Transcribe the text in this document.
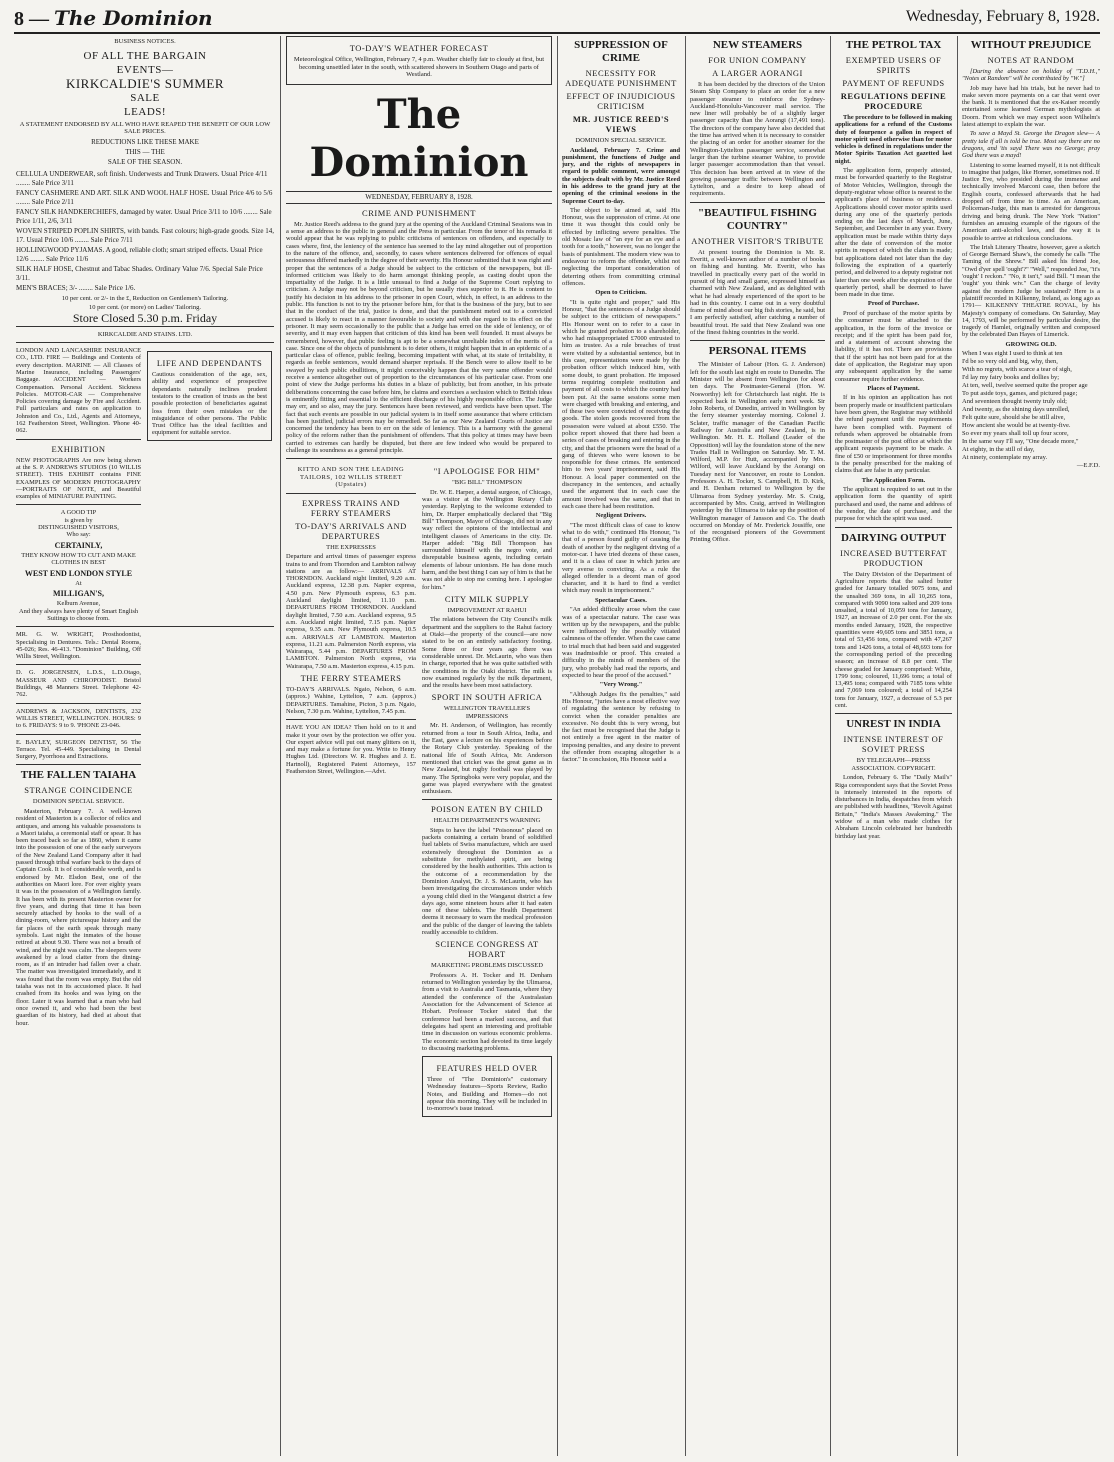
8 — The Dominion	Wednesday, February 8, 1928.
BUSINESS NOTICES.
OF ALL THE BARGAIN
EVENTS—
KIRKCALDIE'S SUMMER
SALE
LEADS!
A STATEMENT ENDORSED BY ALL WHO HAVE REAPED THE BENEFIT OF OUR LOW SALE PRICES.
REDUCTIONS LIKE THESE MAKE
THIS — THE
SALE OF THE SEASON.
CELLULA UNDERWEAR, soft finish. Underwests and Trunk Drawers. Usual Price 4/11 ........ Sale Price 3/11
FANCY CASHMERE AND ART. SILK AND WOOL HALF HOSE. Usual Price 4/6 to 5/6 ........ Sale Price 2/11
FANCY SILK HANDKERCHIEFS, damaged by water. Usual Price 3/11 to 10/6 ........ Sale Price 1/11, 2/6, 3/11
WOVEN STRIPED POPLIN SHIRTS, with bands. Fast colours; high-grade goods. Size 14, 17. Usual Price 10/6 ........ Sale Price 7/11
HOLLINGWOOD PYJAMAS. A good, reliable cloth; smart striped effects. Usual Price 12/6 ........ Sale Price 11/6
SILK HALF HOSE, Chestnut and Tabac Shades. Ordinary Value 7/6. Special Sale Price 3/11.
MEN'S BRACES; 3/- ........ Sale Price 1/6.
10 per cent. or 2/- in the £, Reduction on Gentlemen's Tailoring.
10 per cent. (or more) on Ladies' Tailoring.
Store Closed 5.30 p.m. Friday
KIRKCALDIE AND STAINS. LTD.
LONDON AND LANCASHIRE INSURANCE CO., LTD. FIRE — Buildings and Contents of every description. MARINE — All Classes of Marine Insurance, including Passengers' Baggage. ACCIDENT — Workers Compensation. Personal Accident. Sickness Policies. MOTOR-CAR — Comprehensive Policies covering damage by Fire and Accident. Full particulars and rates on application to Johnston and Co., Ltd., Agents and Attorneys, 162 Featherston Street, Wellington. 'Phone 40-062.
EXHIBITION
NEW PHOTOGRAPHS Are now being shown at the S. P. ANDREWS STUDIOS (10 WILLIS STREET). THIS EXHIBIT contains FINE EXAMPLES OF MODERN PHOTOGRAPHY—PORTRAITS OF NOTE, and Beautiful examples of MINIATURE PAINTING.
A GOOD TIP
is given by
DISTINGUISHED VISITORS,
Who say:
CERTAINLY,
THEY KNOW HOW TO CUT AND MAKE CLOTHES IN BEST
WEST END LONDON STYLE
At
MILLIGAN'S,
Kelburn Avenue,
And they always have plenty of Smart English Suitings to choose from.
LIFE AND DEPENDANTS
Cautious consideration of the age, sex, ability and experience of prospective dependants naturally inclines prudent testators to the creation of trusts as the best possible protection of beneficiaries against loss from their own mistakes or the misguidance of other persons. The Public Trust Office has the ideal facilities and equipment for suitable service.
MR. G. W. WRIGHT, Prosthodontist, Specialising in Dentures. Tels.: Dental Rooms, 45-026; Res. 46-413. "Dominion" Building, Off Willis Street, Wellington.
D. G. JORGENSEN, L.D.S., L.D.Otago, MASSEUR AND CHIROPODIST. Bristol Buildings, 48 Manners Street. Telephone 42-762.
ANDREWS & JACKSON, DENTISTS, 232 WILLIS STREET, WELLINGTON. HOURS: 9 to 6. FRIDAYS: 9 to 9. 'PHONE 23-046.
E. BAYLEY, SURGEON DENTIST, 56 The Terrace. Tel. 45-449. Specialising in Dental Surgery, Pyorrhoea and Extractions.
THE FALLEN TAIAHA
STRANGE COINCIDENCE
DOMINION SPECIAL SERVICE.

Masterton, February 7. A well-known resident of Masterton is a collector of relics and antiques, and among his valuable possessions is a Maori taiaha, a ceremonial staff or spear. It has been traced back so far as 1860, when it came into the possession of one of the early surveyors of the New Zealand Land Company after it had passed through tribal warfare back to the days of Captain Cook. It is of considerable worth, and is endorsed by Mr. Elsdon Best, one of the authorities on Maori lore. For over eighty years it was in the possession of a Wellington family. It has been with its present Masterton owner for five years, and during that time it has been securely attached by hooks to the wall of a dining-room, where picturesque history and the far places of the earth speak through many symbols. Last night the inmates of the house retired at about 9.30. There was not a breath of wind, and the night was calm. The sleepers were awakened by a loud clatter from the dining-room, as if an intruder had fallen over a chair. The matter was investigated immediately, and it was found that the room was empty. But the old taiaha was not in its accustomed place. It had crashed from its hooks and was lying on the floor. Later it was learned that a man who had once owned it, and who had been the best guardian of its history, had died at about that hour.

TO-DAY'S WEATHER FORECAST
Meteorological Office, Wellington, February 7, 4 p.m. Weather chiefly fair to cloudy at first, but becoming unsettled later in the south, with scattered showers in Southern Otago and parts of Westland.
The Dominion
WEDNESDAY, FEBRUARY 8, 1928.
CRIME AND PUNISHMENT

Mr. Justice Reed's address to the grand jury at the opening of the Auckland Criminal Sessions was in a sense an address to the public in general and the Press in particular. From the tenor of his remarks it would appear that he was replying to public criticisms of sentences on offenders, and especially to cases where, first, the leniency of the sentence has seemed to the lay mind altogether out of proportion to the nature of the offence, and, secondly, to cases where sentences delivered for offences of equal seriousness differed markedly in the degree of their severity. His Honour submitted that it was right and proper that the sentences of a Judge should be subject to the criticism of the newspapers, but ill-informed criticism was likely to do harm amongst thinking people, as casting doubt upon the impartiality of the Judge. It is a little unusual to find a Judge of the Supreme Court replying to criticism. A Judge may not be beyond criticism, but he usually rises superior to it. He is content to justify his decision in his address to the prisoner in open Court, which, in effect, is an address to the public. His function is not to try the prisoner before him, for that is the business of the jury, but to see that in the conduct of the trial, justice is done, and that the punishment meted out to a convicted accused is likely to react in a manner favourable to society and with due regard to its effect on the prisoner. It may seem occasionally to the public that a Judge has erred on the side of leniency, or of severity, and it may even happen that criticism of this kind has been well founded. It must always be remembered, however, that public feeling is apt to be a somewhat unreliable index of the merits of a case. Since one of the objects of punishment is to deter others, it might happen that in an epidemic of a particular class of offence, public feeling, becoming impatient with what, at its state of irritability, it regards as feeble sentences, would demand sharper reprisals. If the Bench were to allow itself to be swayed by such public ebullitions, it might conceivably happen that the very same offender would receive a sentence altogether out of proportion to the circumstances of his particular case. From one point of view the Judge performs his duties in a blaze of publicity, but from another, in his private deliberations concerning the case before him, he claims and exercises a seclusion which to British ideas is eminently fitting and essential to the efficient discharge of his highly responsible office. The Judge may err, and so also, may the jury. Sentences have been reviewed, and verdicts have been upset. The fact that such events are possible in our judicial system is in itself some assurance that where criticism has been justified, judicial errors may be remedied. So far as our New Zealand Courts of Justice are concerned the tendency has been to err on the side of leniency. This is a harmony with the general policy of the reform rather than the punishment of offenders. That this policy at times may have been carried to extremes can hardly be disputed, but there are few indeed who would be prepared to challenge its soundness as a general principle.

KITTO AND SON THE LEADING TAILORS, 102 WILLIS STREET (Upstairs)
EXPRESS TRAINS AND FERRY STEAMERS
TO-DAY'S ARRIVALS AND DEPARTURES
THE EXPRESSES
Departure and arrival times of passenger express trains to and from Thorndon and Lambton railway stations are as follow:— ARRIVALS AT THORNDON. Auckland night limited, 9.20 a.m. Auckland express, 12.38 p.m. Napier express, 4.50 p.m. New Plymouth express, 6.3 p.m. Auckland daylight limited, 11.10 p.m. DEPARTURES FROM THORNDON. Auckland daylight limited, 7.50 a.m. Auckland express, 9.5 a.m. Auckland night limited, 7.15 p.m. Napier express, 9.35 a.m. New Plymouth express, 10.5 a.m. ARRIVALS AT LAMBTON. Masterton express, 11.21 a.m. Palmerston North express, via Wairarapa, 5.44 p.m. DEPARTURES FROM LAMBTON. Palmerston North express, via Wairarapa, 7.50 a.m. Masterton express, 4.15 p.m.
THE FERRY STEAMERS
TO-DAY'S ARRIVALS. Ngaio, Nelson, 6 a.m. (approx.) Wahine, Lyttelton, 7 a.m. (approx.) DEPARTURES. Tamahine, Picton, 3 p.m. Ngaio, Nelson, 7.30 p.m. Wahine, Lyttelton, 7.45 p.m.
HAVE YOU AN IDEA? Then hold on to it and make it your own by the protection we offer you. Our expert advice will put out many glitters on it, and may make a fortune for you. Write to Henry Hughes Ltd. (Directors W. R. Hughes and J. E. Hartnoll), Registered Patent Attorneys, 157 Featherston Street, Wellington.—Advt.
"I APOLOGISE FOR HIM"
"BIG BILL" THOMPSON

Dr. W. E. Harper, a dental surgeon, of Chicago, was a visitor at the Wellington Rotary Club yesterday. Replying to the welcome extended to him, Dr. Harper emphatically declared that "Big Bill" Thompson, Mayor of Chicago, did not in any way reflect the opinions of the intellectual and intelligent classes of Americans in the city. Dr. Harper added: "Big Bill Thompson has surrounded himself with the negro vote, and disreputable business agents, including certain elements of labour unionism. He has done much harm, and the best thing I can say of him is that he was not able to stop me coming here. I apologise for him."

CITY MILK SUPPLY
IMPROVEMENT AT RAHUI

The relations between the City Council's milk department and the suppliers to the Rahui factory at Otaki—the property of the council—are now stated to be on an entirely satisfactory footing. Some three or four years ago there was considerable unrest. Dr. McLaurin, who was then in charge, reported that he was quite satisfied with the conditions in the Otaki district. The milk is now examined regularly by the milk department, and the results have been most satisfactory.

SPORT IN SOUTH AFRICA
WELLINGTON TRAVELLER'S IMPRESSIONS

Mr. H. Anderson, of Wellington, has recently returned from a tour in South Africa, India, and the East, gave a lecture on his experiences before the Rotary Club yesterday. Speaking of the national life of South Africa, Mr. Anderson mentioned that cricket was the great game as in New Zealand, but rugby football was played by many. The Springboks were very popular, and the game was played everywhere with the greatest enthusiasm.

POISON EATEN BY CHILD
HEALTH DEPARTMENT'S WARNING

Steps to have the label "Poisonous" placed on packets containing a certain brand of solidified fuel tablets of Swiss manufacture, which are used extensively throughout the Dominion as a substitute for methylated spirit, are being considered by the health authorities. This action is the outcome of a recommendation by the Dominion Analyst, Dr. J. S. McLaurin, who has been investigating the circumstances under which a young child died in the Wanganui district a few days ago, some nineteen hours after it had eaten one of these tablets. The Health Department deems it necessary to warn the medical profession and the public of the danger of leaving the tablets readily accessible to children.

SCIENCE CONGRESS AT HOBART
MARKETING PROBLEMS DISCUSSED

Professors A. H. Tocker and H. Denham returned to Wellington yesterday by the Ulimaroa, from a visit to Australia and Tasmania, where they attended the conference of the Australasian Association for the Advancement of Science at Hobart. Professor Tocker stated that the conference had been a marked success, and that delegates had spent an interesting and profitable time in discussion on various economic problems. The economic section had devoted its time largely to discussing marketing problems.

FEATURES HELD OVER
Three of "The Dominion's" customary Wednesday features—Sports Review, Radio Notes, and Building and Homes—do not appear this morning. They will be included in to-morrow's issue instead.
SUPPRESSION OF CRIME
NECESSITY FOR ADEQUATE PUNISHMENT
EFFECT OF INJUDICIOUS CRITICISM
MR. JUSTICE REED'S VIEWS
DOMINION SPECIAL SERVICE.

Auckland, February 7. Crime and punishment, the functions of Judge and jury, and the rights of newspapers in regard to public comment, were amongst the subjects dealt with by Mr. Justice Reed in his address to the grand jury at the opening of the criminal sessions in the Supreme Court to-day.

The object to be aimed at, said His Honour, was the suppression of crime. At one time it was thought this could only be effected by inflicting severe penalties. The old Mosaic law of "an eye for an eye and a tooth for a tooth," however, was no longer the basis of punishment. The modern view was to endeavour to reform the offender, whilst not neglecting the important consideration of deterring others from committing criminal offences.

Open to Criticism.

"It is quite right and proper," said His Honour, "that the sentences of a Judge should be subject to the criticism of newspapers." His Honour went on to refer to a case in which he granted probation to a shareholder, who had misappropriated £7000 entrusted to him as trustee. As a rule breaches of trust were visited by a substantial sentence, but in this case, representations were made by the probation officer which induced him, with some doubt, to grant probation. He imposed terms requiring complete restitution and payment of all costs to which the country had been put. At the same sessions some men were charged with breaking and entering, and of these two were convicted of receiving the goods. The stolen goods recovered from the possession were valued at about £550. The police report showed that there had been a series of cases of breaking and entering in the city, and that the prisoners were the head of a gang of thieves who were known to be responsible for these crimes. He sentenced him to two years' imprisonment, said His Honour. A local paper commented on the discrepancy in the sentences, and actually used the argument that in each case the amount involved was the same, and that in each case there had been restitution.

Negligent Drivers.

"The most difficult class of case to know what to do with," continued His Honour, "is that of a person found guilty of causing the death of another by the negligent driving of a motor-car. I have tried dozens of these cases, and it is a class of case in which juries are very averse to convicting. As a rule the alleged offender is a decent man of good character, and it is hard to find a verdict which may result in imprisonment."

Spectacular Cases.

"An added difficulty arose when the case was of a spectacular nature. The case was written up by the newspapers, and the public were influenced by the possibly vitiated calmness of the offender. When the case came to trial much that had been said and suggested was inadmissible or proof. This created a difficulty in the minds of members of the jury, who probably had read the reports, and expected to hear the proof of the accused."

"Very Wrong."

"Although Judges fix the penalties," said His Honour, "juries have a most effective way of regulating the sentence by refusing to convict when the consider penalties are excessive. No doubt this is very wrong, but the fact must be recognised that the Judge is not entirely a free agent in the matter of imposing penalties, and any desire to prevent the offender from escaping altogether is a factor." In conclusion, His Honour said a

NEW STEAMERS
FOR UNION COMPANY
A LARGER AORANGI

It has been decided by the directors of the Union Steam Ship Company to place an order for a new passenger steamer to reinforce the Sydney-Auckland-Honolulu-Vancouver mail service. The new liner will probably be of a slightly larger passenger capacity than the Aorangi (17,491 tons). The directors of the company have also decided that the time has arrived when it is necessary to consider the placing of an order for another steamer for the Wellington-Lyttelton passenger service, somewhat larger than the turbine steamer Wahine, to provide larger passenger accommodation than that vessel. This decision has been arrived at in view of the growing passenger traffic between Wellington and Lyttelton, and a desire to keep ahead of requirements.

"BEAUTIFUL FISHING COUNTRY"
ANOTHER VISITOR'S TRIBUTE

At present touring the Dominion is Mr. R. Everitt, a well-known author of a number of books on fishing and hunting. Mr. Everitt, who has travelled in practically every part of the world in pursuit of big and small game, expressed himself as charmed with New Zealand, and as delighted with what he had already experienced of the sport to be had in this country. I came out in a very doubtful frame of mind about our big fish stories, he said, but I am perfectly satisfied, after catching a number of beautiful trout. He said that New Zealand was one of the finest fishing countries in the world.

PERSONAL ITEMS

The Minister of Labour (Hon. G. J. Anderson) left for the south last night en route to Dunedin. The Minister will be absent from Wellington for about ten days. The Postmaster-General (Hon. W. Nosworthy) left for Christchurch last night. He is expected back in Wellington early next week. Sir John Roberts, of Dunedin, arrived in Wellington by the ferry steamer yesterday morning. Colonel J. Sclater, traffic manager of the Canadian Pacific Railway for Australia and New Zealand, is in Wellington. Mr. H. E. Holland (Leader of the Opposition) will lay the foundation stone of the new Trades Hall in Wellington on Saturday. Mr. T. M. Wilford, M.P. for Hutt, accompanied by Mrs. Wilford, will leave Auckland by the Aorangi on Tuesday next for Vancouver, en route to London. Professors A. H. Tocker, S. Campbell, H. D. Kirk, and H. Denham returned to Wellington by the Ulimaroa from Sydney yesterday. Mr. S. Craig, accompanied by Mrs. Craig, arrived in Wellington yesterday by the Ulimaroa to take up the position of Wellington manager of Jansson and Co. The death occurred on Monday of Mr. Frederick Jousiffe, one of the recognised pioneers of the Government Printing Office.

THE PETROL TAX
EXEMPTED USERS OF SPIRITS
PAYMENT OF REFUNDS
REGULATIONS DEFINE PROCEDURE

The procedure to be followed in making applications for a refund of the Customs duty of fourpence a gallon in respect of motor spirit used otherwise than for motor vehicles is defined in regulations under the Motor Spirits Taxation Act gazetted last night.

The application form, properly attested, must be forwarded quarterly to the Registrar of Motor Vehicles, Wellington, through the deputy-registrar whose office is nearest to the applicant's place of business or residence. Applications should cover motor spirits used during any one of the quarterly periods ending on the last days of March, June, September, and December in any year. Every application must be made within thirty days after the date of conversion of the motor spirits in respect of which the claim is made; but applications dated not later than the day following the expiration of a quarterly period, and delivered to a deputy registrar not later than one week after the expiration of the quarterly period, shall be deemed to have been made in due time.

Proof of Purchase.

Proof of purchase of the motor spirits by the consumer must be attached to the application, in the form of the invoice or receipt; and if the spirit has been paid for, and a statement of account showing the liability, if it has not. There are provisions that if the spirit has not been paid for at the date of application, the Registrar may upon any subsequent application by the same consumer require further evidence.

Places of Payment.

If in his opinion an application has not been properly made or insufficient particulars have been given, the Registrar may withhold the refund payment until the requirements have been complied with. Payment of refunds when approved be obtainable from the postmaster of the post office at which the applicant requests payment to be made. A fine of £50 or imprisonment for three months is the penalty prescribed for the making of claims that are false in any particular.

The Application Form.

The applicant is required to set out in the application form the quantity of spirit purchased and used, the name and address of the vendor, the date of purchase, and the purpose for which the spirit was used.

DAIRYING OUTPUT
INCREASED BUTTERFAT PRODUCTION

The Dairy Division of the Department of Agriculture reports that the salted butter graded for January totalled 9075 tons, and the unsalted 369 tons, in all 10,265 tons, compared with 9090 tons salted and 209 tons unsalted, a total of 10,059 tons for January, 1927, an increase of 2.0 per cent. For the six months ended January, 1928, the respective quantities were 49,605 tons and 3851 tons, a total of 53,456 tons, compared with 47,267 tons and 1426 tons, a total of 48,693 tons for the corresponding period of the preceding season; an increase of 8.8 per cent. The cheese graded for January comprised: White, 1799 tons; coloured, 11,696 tons; a total of 13,495 tons; compared with 7185 tons white and 7,069 tons coloured; a total of 14,254 tons for January, 1927, a decrease of 5.3 per cent.

UNREST IN INDIA
INTENSE INTEREST OF SOVIET PRESS
BY TELEGRAPH—PRESS ASSOCIATION. COPYRIGHT.

London, February 6. The "Daily Mail's" Riga correspondent says that the Soviet Press is intensely interested in the reports of disturbances in India, despatches from which are published with headlines, "Revolt Against Britain," "India's Masses Awakening." The widow of a man who made clothes for Abraham Lincoln celebrated her hundredth birthday last year.

WITHOUT PREJUDICE
NOTES AT RANDOM

[During the absence on holiday of "T.D.H.," "Notes at Random" will be contributed by "W."]

Job may have had his trials, but he never had to make seven more payments on a car that went over the bank. It is mentioned that the ex-Kaiser recently entertained some learned German mythologists at Doorn. From which we may expect soon Wilhelm's latest attempt to explain the war.

To save a Mayd St. George the Dragon slew— A pretty tale if all is told be true. Most say there are no dragons, and 'tis sayd There was no George; pray God there was a mayd!

Listening to some learned myself, it is not difficult to imagine that judges, like Homer, sometimes nod. If Justice Eve, who presided during the immense and technically involved Marconi case, then before the English courts, confessed afterwards that he had dropped off from time to time. As an American, Policeman-Judge, this man is arrested for dangerous driving and being drunk. The New York "Nation" furnishes an amusing example of the rigours of the American anti-alcohol laws, and the way it is possible to arrive at ridiculous conclusions.

The Irish Literary Theatre, however, gave a sketch of George Bernard Shaw's, the comedy he calls "The Taming of the Shrew." Bill asked his friend Joe, "Owd d'yer spell 'ought'?" "Well," responded Joe, "it's 'ought' I reckon." "No, it isn't," said Bill. "I mean the 'ought' you think wiv." Can the charge of levity against the modern Judge be sustained? Here is a plaintiff recorded in Kilkenny, Ireland, as long ago as 1791— KILKENNY THEATRE ROYAL, by his Majesty's company of comedians. On Saturday, May 14, 1793, will be performed by particular desire, the tragedy of Hamlet, originally written and composed by the celebrated Dan Hayes of Limerick.

GROWING OLD.
When I was eight I used to think at ten
I'd be so very old and big, why, then,
With no regrets, with scarce a tear of sigh,
I'd lay my fairy books and dollies by;
At ten, well, twelve seemed quite the proper age
To put aside toys, games, and pictured page;
And seventeen thought twenty truly old;
And twenty, as the shining days unrolled,
Felt quite sure, should she be still alive,
How ancient she would be at twenty-five.
So ever my years shall toll up four score,
In the same way I'll say, "One decade more,"
At eighty, in the still of day,
At ninety, contemplate my array.
—E.F.D.
